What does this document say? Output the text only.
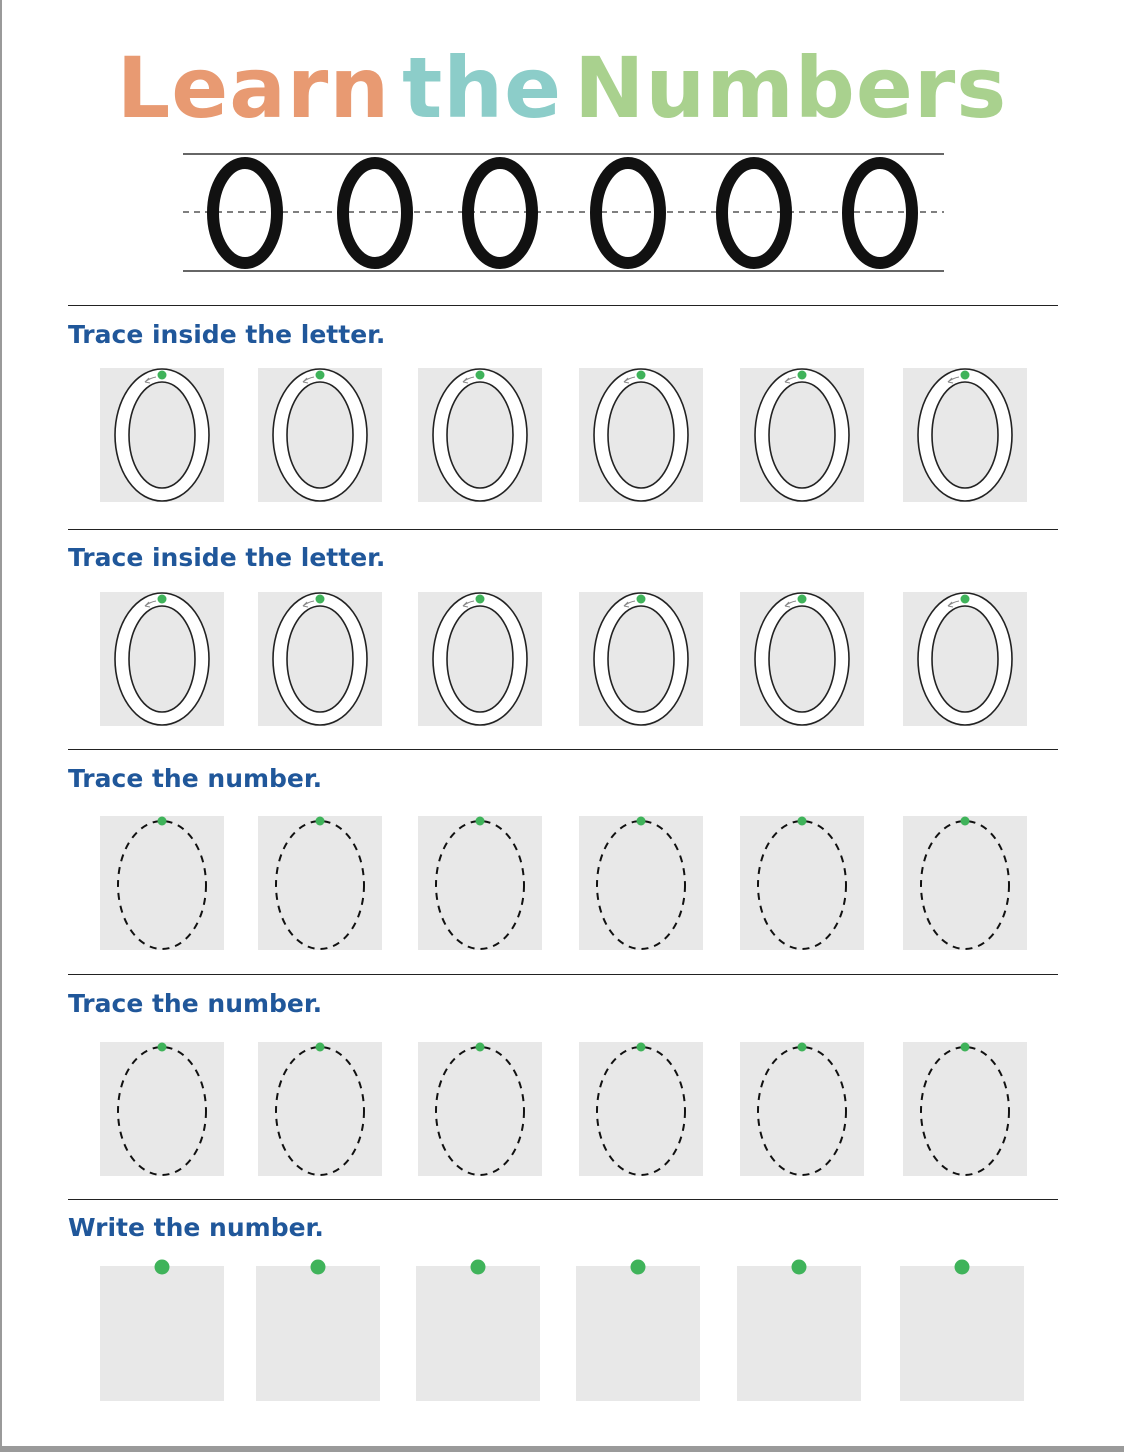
Learn the Numbers
Trace inside the letter.
Trace inside the letter.
Trace the number.
Trace the number.
Write the number.
